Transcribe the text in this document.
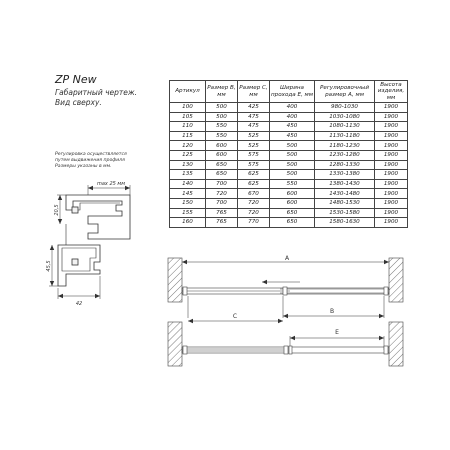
ZP New
Габаритный чертеж.
Вид сверху.
Регулировка осуществляется
путем выдвижения профиля
Размеры указаны в мм.
Артикул	Размер B, мм	Размер C, мм	Ширина прохода E, мм	Регулировочный размер A, мм	Высота изделия, мм
100	500	425	400	980-1030	1900
105	500	475	400	1030-1080	1900
110	550	475	450	1080-1130	1900
115	550	525	450	1130-1180	1900
120	600	525	500	1180-1230	1900
125	600	575	500	1230-1280	1900
130	650	575	500	1280-1330	1900
135	650	625	500	1330-1380	1900
140	700	625	550	1380-1430	1900
145	720	670	600	1430-1480	1900
150	700	720	600	1480-1530	1900
155	765	720	650	1530-1580	1900
160	765	770	650	1580-1630	1900
max 25 мм
20,5
45,5
42
A
B
C
E
